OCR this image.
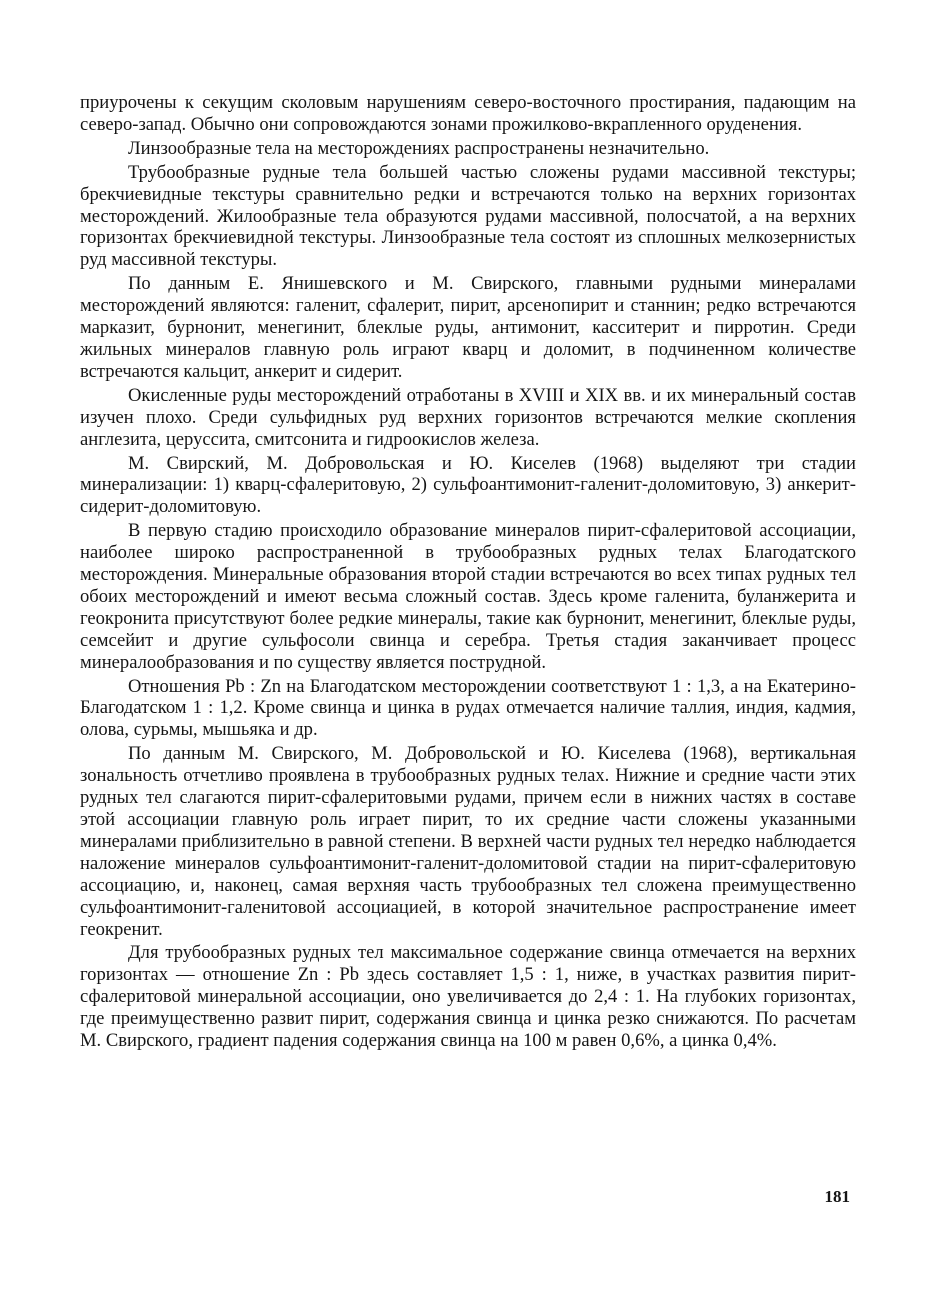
приурочены к секущим сколовым нарушениям северо-восточного простирания, падающим на северо-запад. Обычно они сопровождаются зонами прожилково-вкрапленного оруденения.

Линзообразные тела на месторождениях распространены незначительно.

Трубообразные рудные тела большей частью сложены рудами массивной текстуры; брекчиевидные текстуры сравнительно редки и встречаются только на верхних горизонтах месторождений. Жилообразные тела образуются рудами массивной, полосчатой, а на верхних горизонтах брекчиевидной текстуры. Линзообразные тела состоят из сплошных мелкозернистых руд массивной текстуры.

По данным Е. Янишевского и М. Свирского, главными рудными минералами месторождений являются: галенит, сфалерит, пирит, арсенопирит и станнин; редко встречаются марказит, бурнонит, менегинит, блеклые руды, антимонит, касситерит и пирротин. Среди жильных минералов главную роль играют кварц и доломит, в подчиненном количестве встречаются кальцит, анкерит и сидерит.

Окисленные руды месторождений отработаны в XVIII и XIX вв. и их минеральный состав изучен плохо. Среди сульфидных руд верхних горизонтов встречаются мелкие скопления англезита, церуссита, смитсонита и гидроокислов железа.

М. Свирский, М. Добровольская и Ю. Киселев (1968) выделяют три стадии минерализации: 1) кварц-сфалеритовую, 2) сульфоантимонит-галенит-доломитовую, 3) анкерит-сидерит-доломитовую.

В первую стадию происходило образование минералов пирит-сфалеритовой ассоциации, наиболее широко распространенной в трубообразных рудных телах Благодатского месторождения. Минеральные образования второй стадии встречаются во всех типах рудных тел обоих месторождений и имеют весьма сложный состав. Здесь кроме галенита, буланжерита и геокронита присутствуют более редкие минералы, такие как бурнонит, менегинит, блеклые руды, семсейит и другие сульфосоли свинца и серебра. Третья стадия заканчивает процесс минералообразования и по существу является пострудной.

Отношения Pb : Zn на Благодатском месторождении соответствуют 1 : 1,3, а на Екатерино-Благодатском 1 : 1,2. Кроме свинца и цинка в рудах отмечается наличие таллия, индия, кадмия, олова, сурьмы, мышьяка и др.

По данным М. Свирского, М. Добровольской и Ю. Киселева (1968), вертикальная зональность отчетливо проявлена в трубообразных рудных телах. Нижние и средние части этих рудных тел слагаются пирит-сфалеритовыми рудами, причем если в нижних частях в составе этой ассоциации главную роль играет пирит, то их средние части сложены указанными минералами приблизительно в равной степени. В верхней части рудных тел нередко наблюдается наложение минералов сульфоантимонит-галенит-доломитовой стадии на пирит-сфалеритовую ассоциацию, и, наконец, самая верхняя часть трубообразных тел сложена преимущественно сульфоантимонит-галенитовой ассоциацией, в которой значительное распространение имеет геокренит.

Для трубообразных рудных тел максимальное содержание свинца отмечается на верхних горизонтах — отношение Zn : Pb здесь составляет 1,5 : 1, ниже, в участках развития пирит-сфалеритовой минеральной ассоциации, оно увеличивается до 2,4 : 1. На глубоких горизонтах, где преимущественно развит пирит, содержания свинца и цинка резко снижаются. По расчетам М. Свирского, градиент падения содержания свинца на 100 м равен 0,6%, а цинка 0,4%.

181
